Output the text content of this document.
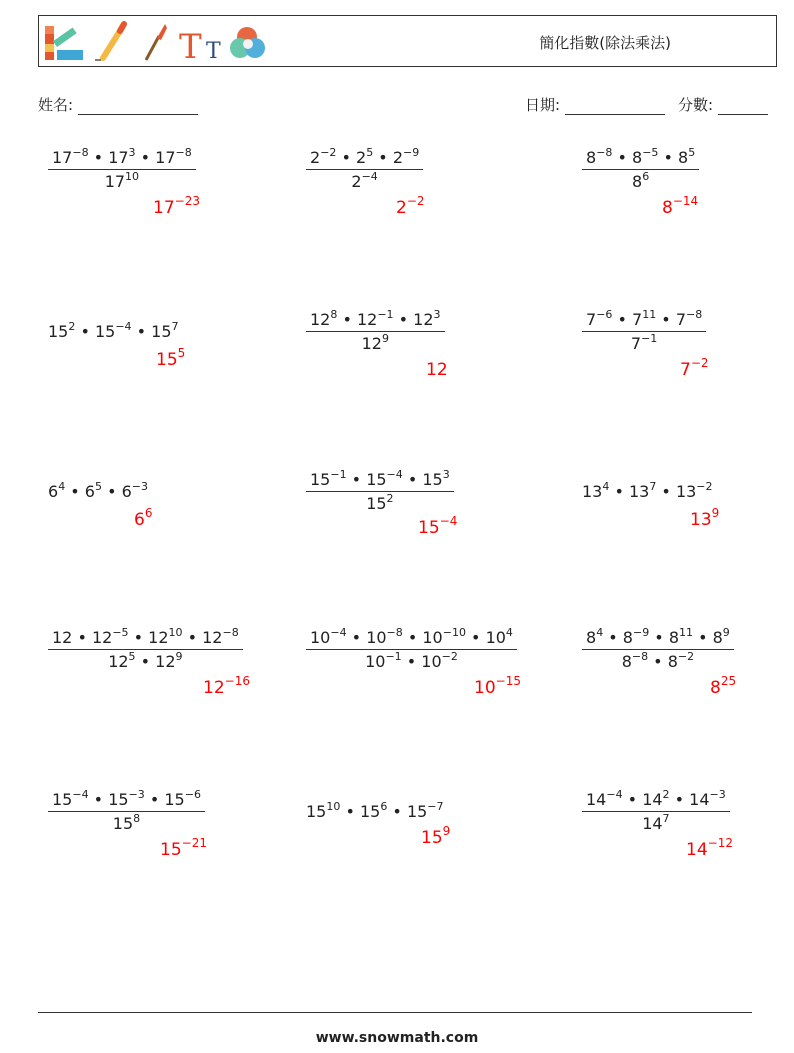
T T	簡化指數(除法乘法)
姓名:	日期:	分數:
$\frac{17^{-8} • 17^3 • 17^{-8}}{17^{10}}$
$17^{-23}$
$\frac{2^{-2} • 2^5 • 2^{-9}}{2^{-4}}$
$2^{-2}$
$\frac{8^{-8} • 8^{-5} • 8^5}{8^6}$
$8^{-14}$
$15^2$ • $15^{-4}$ • $15^7$
$15^5$
$\frac{12^8 • 12^{-1} • 12^3}{12^9}$
12
$\frac{7^{-6} • 7^{11} • 7^{-8}}{7^{-1}}$
$7^{-2}$
$6^4$ • $6^5$ • $6^{-3}$
$6^6$
$\frac{15^{-1} • 15^{-4} • 15^3}{15^2}$
$15^{-4}$
$13^4$ • $13^7$ • $13^{-2}$
$13^9$
$\frac{12 • 12^{-5} • 12^{10} • 12^{-8}}{12^5 • 12^9}$
$12^{-16}$
$\frac{10^{-4} • 10^{-8} • 10^{-10} • 10^4}{10^{-1} • 10^{-2}}$
$10^{-15}$
$\frac{8^4 • 8^{-9} • 8^{11} • 8^9}{8^{-8} • 8^{-2}}$
$8^{25}$
$\frac{15^{-4} • 15^{-3} • 15^{-6}}{15^8}$
$15^{-21}$
$15^{10}$ • $15^6$ • $15^{-7}$
$15^9$	$\frac{14^{-4} • 14^2 • 14^{-3}}{14^7}$
$14^{-12}$
www.snowmath.com
